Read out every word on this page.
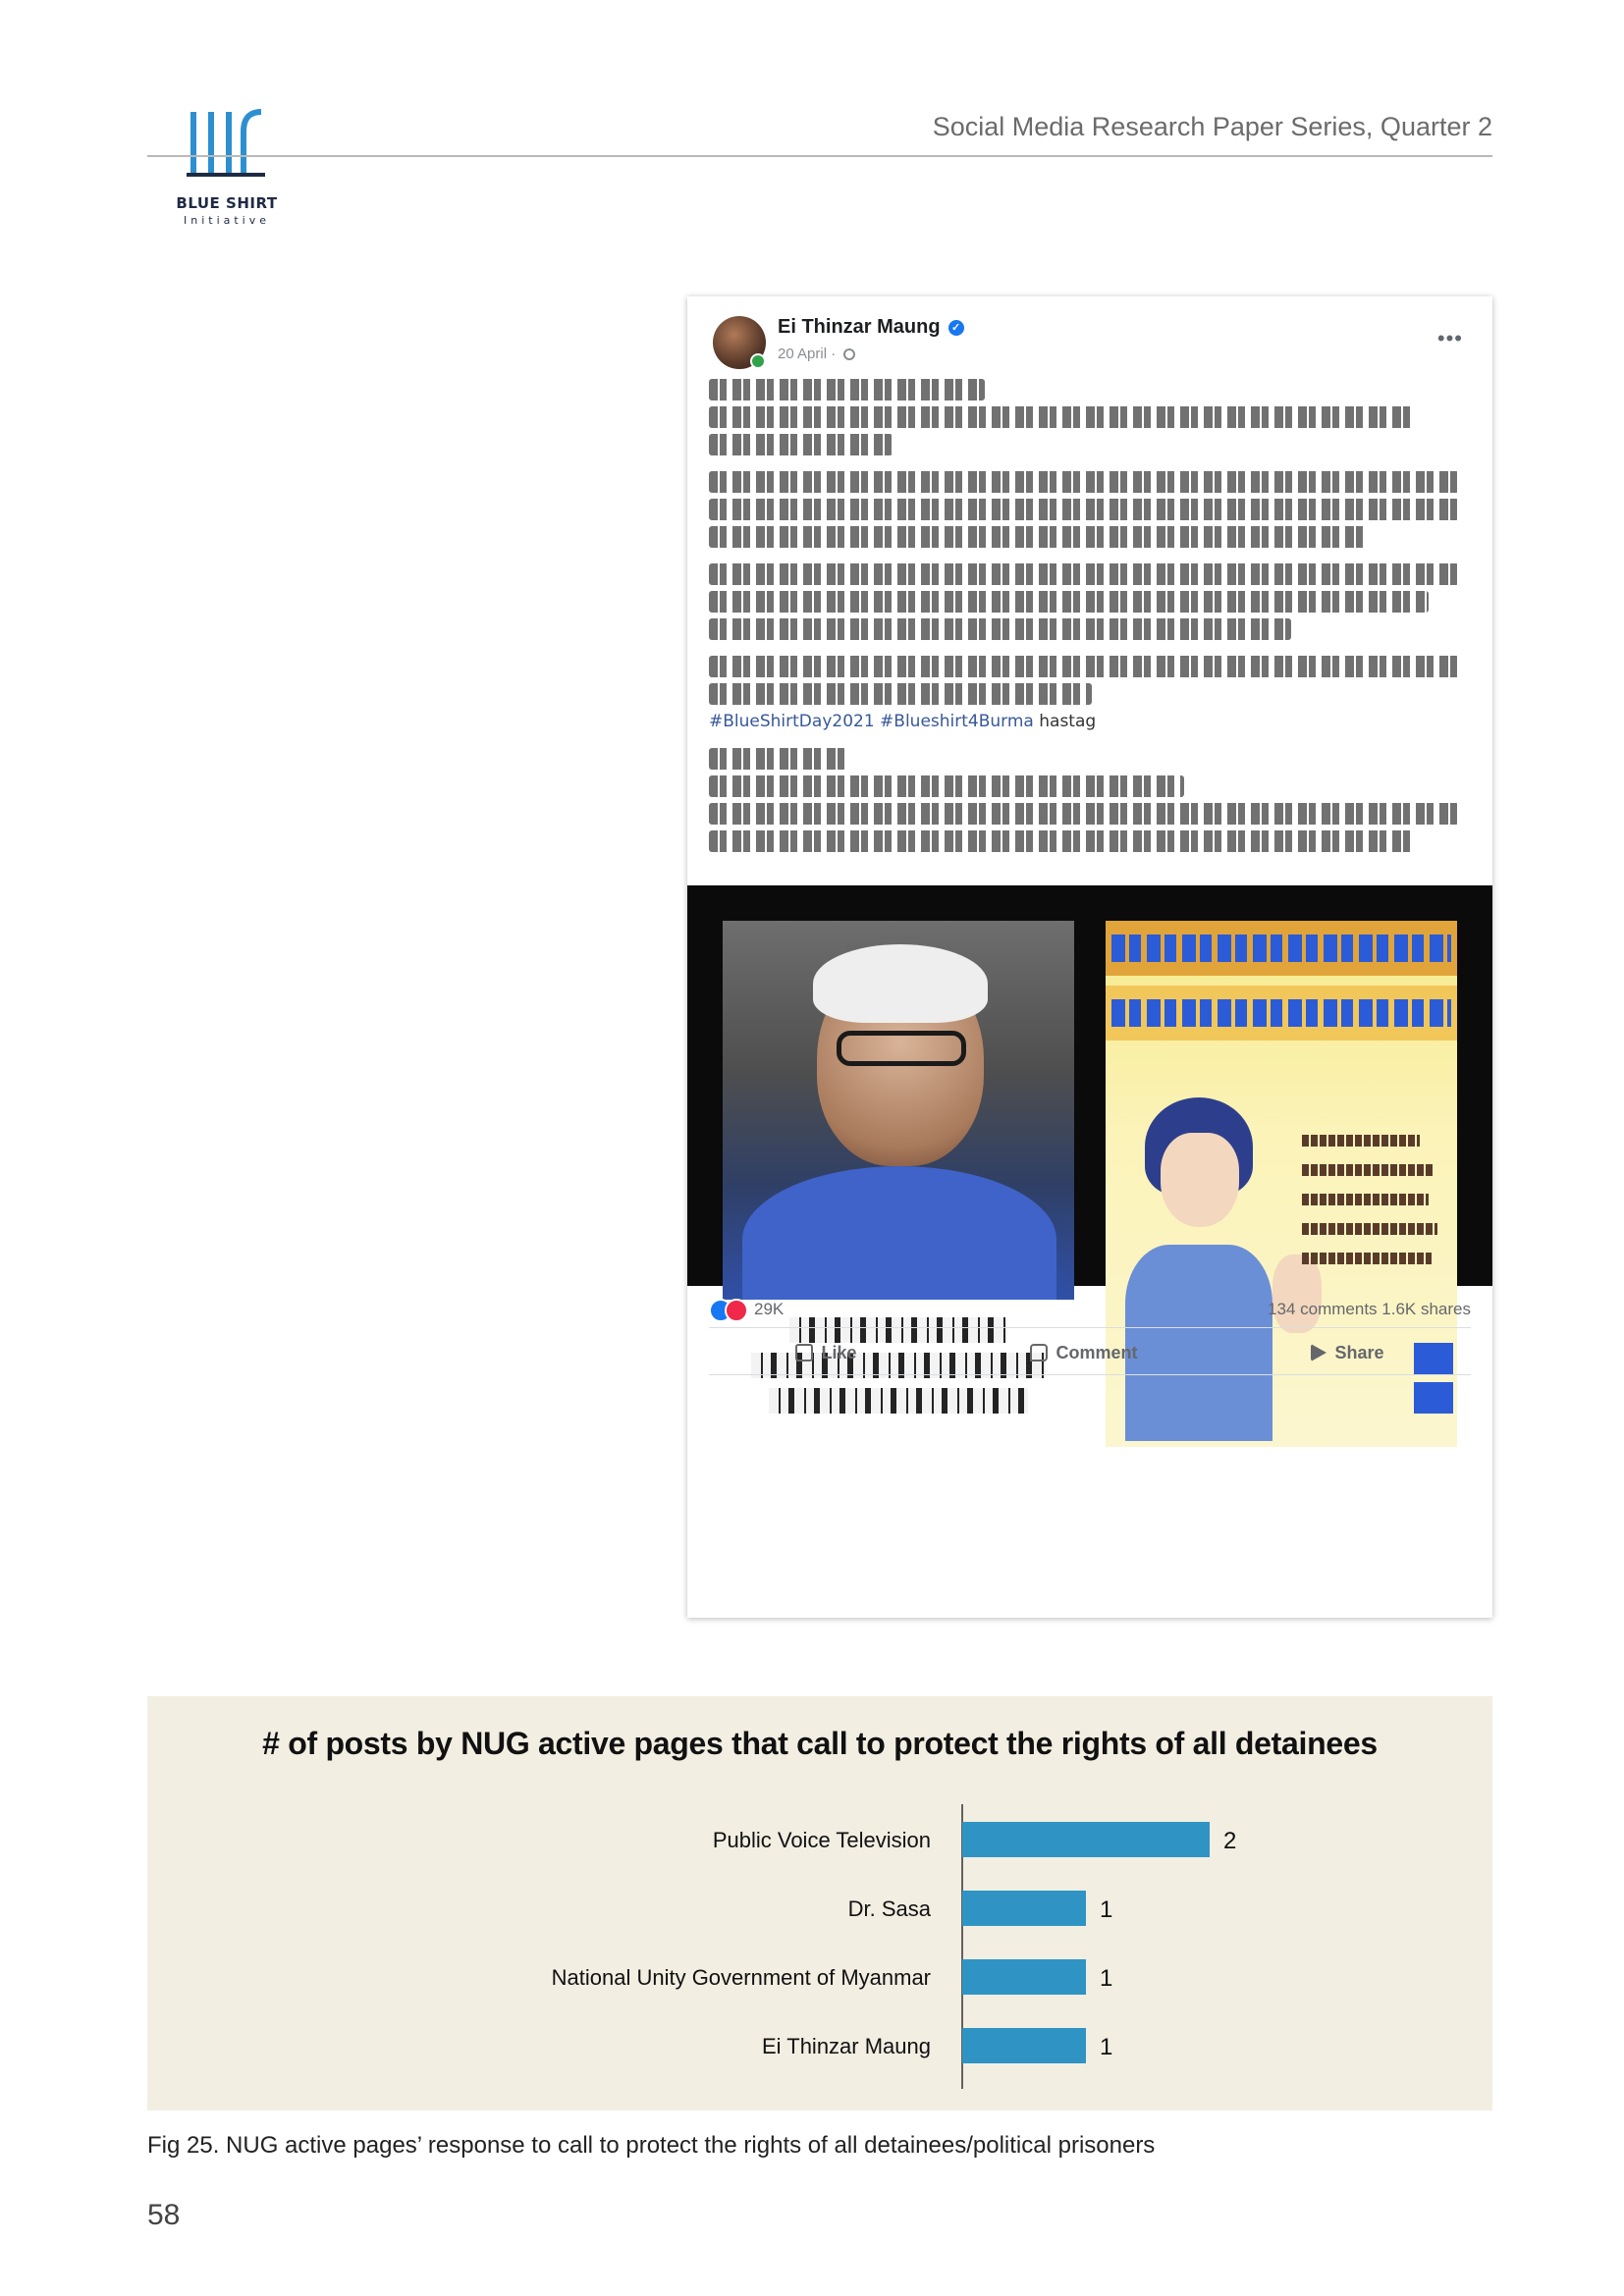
BLUE SHIRT
Initiative
Social Media Research Paper Series, Quarter 2
Ei Thinzar Maung ✓
20 April ·
•••
#BlueShirtDay2021 #Blueshirt4Burma hastag
29K	134 comments 1.6K shares
Like	Comment	Share
# of posts by NUG active pages that call to protect the rights of all detainees
Public Voice Television	2
Dr. Sasa	1
National Unity Government of Myanmar	1
Ei Thinzar Maung	1
Fig 25. NUG active pages’ response to call to protect the rights of all detainees/political prisoners
58
